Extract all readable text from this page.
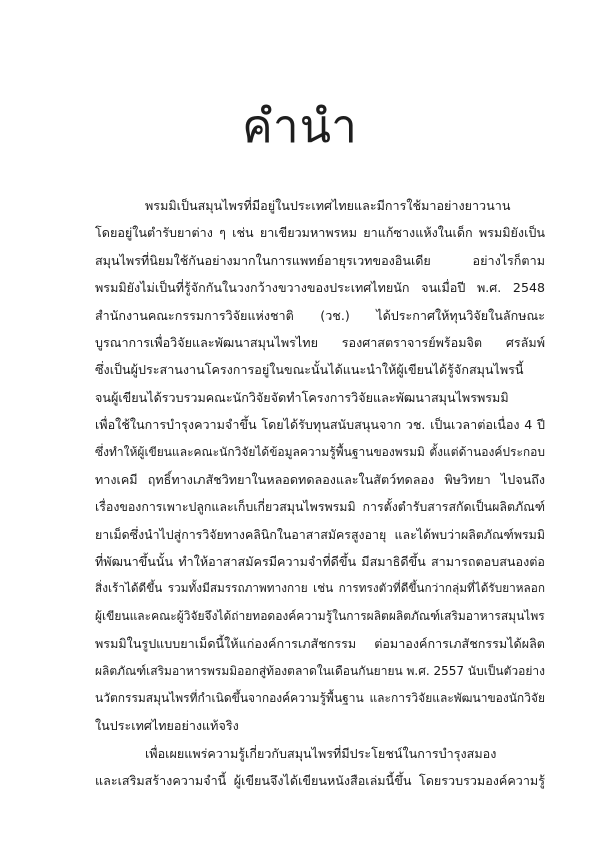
คำนำ
พรมมิเป็นสมุนไพรที่มีอยู่ในประเทศไทยและมีการใช้มาอย่างยาวนาน
โดยอยู่ในตำรับยาต่าง ๆ เช่น ยาเขียวมหาพรหม ยาแก้ซางแห้งในเด็ก พรมมิยังเป็น
สมุนไพรที่นิยมใช้กันอย่างมากในการแพทย์อายุรเวทของอินเดีย อย่างไรก็ตาม
พรมมิยังไม่เป็นที่รู้จักกันในวงกว้างขวางของประเทศไทยนัก จนเมื่อปี พ.ศ. 2548
สำนักงานคณะกรรมการวิจัยแห่งชาติ (วช.) ได้ประกาศให้ทุนวิจัยในลักษณะ
บูรณาการเพื่อวิจัยและพัฒนาสมุนไพรไทย รองศาสตราจารย์พร้อมจิต ศรลัมพ์
ซึ่งเป็นผู้ประสานงานโครงการอยู่ในขณะนั้นได้แนะนำให้ผู้เขียนได้รู้จักสมุนไพรนี้
จนผู้เขียนได้รวบรวมคณะนักวิจัยจัดทำโครงการวิจัยและพัฒนาสมุนไพรพรมมิ
เพื่อใช้ในการบำรุงความจำขึ้น โดยได้รับทุนสนับสนุนจาก วช. เป็นเวลาต่อเนื่อง 4 ปี
ซึ่งทำให้ผู้เขียนและคณะนักวิจัยได้ข้อมูลความรู้พื้นฐานของพรมมิ ตั้งแต่ด้านองค์ประกอบ
ทางเคมี ฤทธิ์ทางเภสัชวิทยาในหลอดทดลองและในสัตว์ทดลอง พิษวิทยา ไปจนถึง
เรื่องของการเพาะปลูกและเก็บเกี่ยวสมุนไพรพรมมิ การตั้งตำรับสารสกัดเป็นผลิตภัณฑ์
ยาเม็ดซึ่งนำไปสู่การวิจัยทางคลินิกในอาสาสมัครสูงอายุ และได้พบว่าผลิตภัณฑ์พรมมิ
ที่พัฒนาขึ้นนั้น ทำให้อาสาสมัครมีความจำที่ดีขึ้น มีสมาธิดีขึ้น สามารถตอบสนองต่อ
สิ่งเร้าได้ดีขึ้น รวมทั้งมีสมรรถภาพทางกาย เช่น การทรงตัวที่ดีขึ้นกว่ากลุ่มที่ได้รับยาหลอก
ผู้เขียนและคณะผู้วิจัยจึงได้ถ่ายทอดองค์ความรู้ในการผลิตผลิตภัณฑ์เสริมอาหารสมุนไพร
พรมมิในรูปแบบยาเม็ดนี้ให้แก่องค์การเภสัชกรรม ต่อมาองค์การเภสัชกรรมได้ผลิต
ผลิตภัณฑ์เสริมอาหารพรมมิออกสู่ท้องตลาดในเดือนกันยายน พ.ศ. 2557 นับเป็นตัวอย่าง
นวัตกรรมสมุนไพรที่กำเนิดขึ้นจากองค์ความรู้พื้นฐาน และการวิจัยและพัฒนาของนักวิจัย
ในประเทศไทยอย่างแท้จริง
เพื่อเผยแพร่ความรู้เกี่ยวกับสมุนไพรที่มีประโยชน์ในการบำรุงสมอง
และเสริมสร้างความจำนี้ ผู้เขียนจึงได้เขียนหนังสือเล่มนี้ขึ้น โดยรวบรวมองค์ความรู้
